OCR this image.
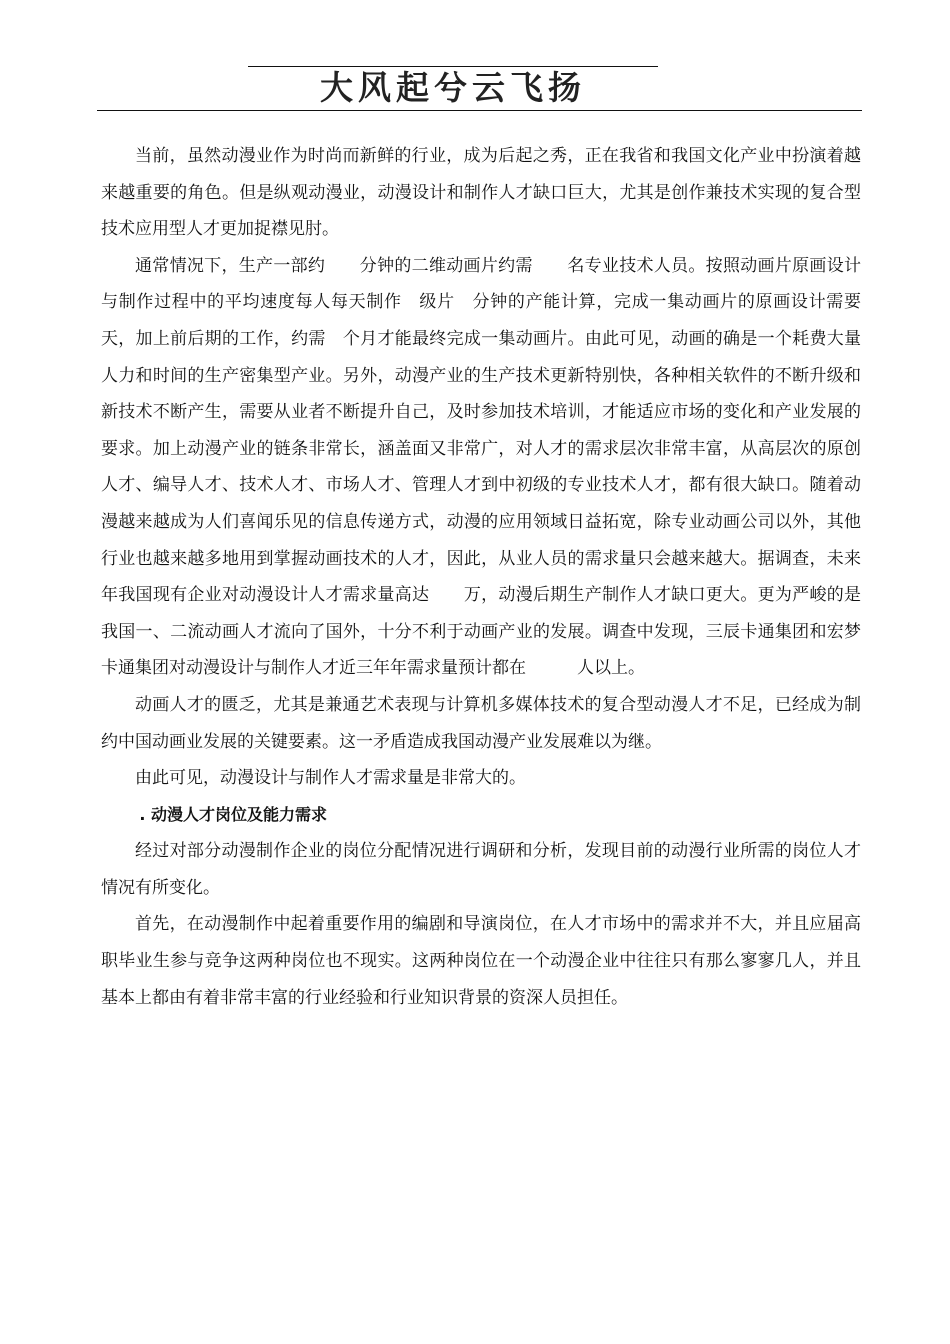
大风起兮云飞扬

当前，虽然动漫业作为时尚而新鲜的行业，成为后起之秀，正在我省和我国文化产业中扮演着越来越重要的角色。但是纵观动漫业，动漫设计和制作人才缺口巨大，尤其是创作兼技术实现的复合型技术应用型人才更加捉襟见肘。

通常情况下，生产一部约　　分钟的二维动画片约需　　名专业技术人员。按照动画片原画设计与制作过程中的平均速度每人每天制作　级片　分钟的产能计算，完成一集动画片的原画设计需要　　天，加上前后期的工作，约需　个月才能最终完成一集动画片。由此可见，动画的确是一个耗费大量人力和时间的生产密集型产业。另外，动漫产业的生产技术更新特别快，各种相关软件的不断升级和新技术不断产生，需要从业者不断提升自己，及时参加技术培训，才能适应市场的变化和产业发展的要求。加上动漫产业的链条非常长，涵盖面又非常广，对人才的需求层次非常丰富，从高层次的原创人才、编导人才、技术人才、市场人才、管理人才到中初级的专业技术人才，都有很大缺口。随着动漫越来越成为人们喜闻乐见的信息传递方式，动漫的应用领域日益拓宽，除专业动画公司以外，其他行业也越来越多地用到掌握动画技术的人才，因此，从业人员的需求量只会越来越大。据调查，未来　年我国现有企业对动漫设计人才需求量高达　　万，动漫后期生产制作人才缺口更大。更为严峻的是我国一、二流动画人才流向了国外，十分不利于动画产业的发展。调查中发现，三辰卡通集团和宏梦卡通集团对动漫设计与制作人才近三年年需求量预计都在　　　人以上。

动画人才的匮乏，尤其是兼通艺术表现与计算机多媒体技术的复合型动漫人才不足，已经成为制约中国动画业发展的关键要素。这一矛盾造成我国动漫产业发展难以为继。

由此可见，动漫设计与制作人才需求量是非常大的。

. 动漫人才岗位及能力需求

经过对部分动漫制作企业的岗位分配情况进行调研和分析，发现目前的动漫行业所需的岗位人才情况有所变化。

首先，在动漫制作中起着重要作用的编剧和导演岗位，在人才市场中的需求并不大，并且应届高职毕业生参与竞争这两种岗位也不现实。这两种岗位在一个动漫企业中往往只有那么寥寥几人，并且基本上都由有着非常丰富的行业经验和行业知识背景的资深人员担任。
